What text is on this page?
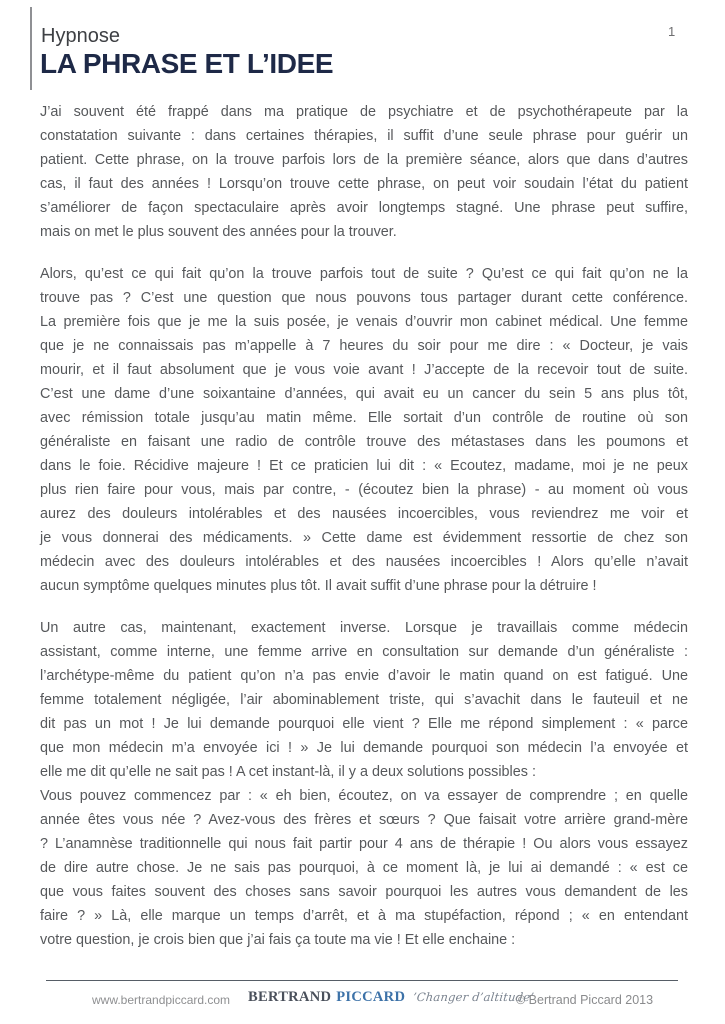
Hypnose
LA PHRASE ET L’IDEE
1
J’ai souvent été frappé dans ma pratique de psychiatre et de psychothérapeute par la
constatation suivante : dans certaines thérapies, il suffit d’une seule phrase pour guérir un
patient. Cette phrase, on la trouve parfois lors de la première séance, alors que dans d’autres
cas, il faut des années ! Lorsqu’on trouve cette phrase, on peut voir soudain l’état du patient
s’améliorer de façon spectaculaire après avoir longtemps stagné. Une phrase peut suffire,
mais on met le plus souvent des années pour la trouver.
Alors, qu’est ce qui fait qu’on la trouve parfois tout de suite ? Qu’est ce qui fait qu’on ne la
trouve pas ? C’est une question que nous pouvons tous partager durant cette conférence.
La première fois que je me la suis posée, je venais d’ouvrir mon cabinet médical. Une femme
que je ne connaissais pas m’appelle à 7 heures du soir pour me dire : « Docteur, je vais
mourir, et il faut absolument que je vous voie avant ! J’accepte de la recevoir tout de suite.
C’est une dame d’une soixantaine d’années, qui avait eu un cancer du sein 5 ans plus tôt,
avec rémission totale jusqu’au matin même. Elle sortait d’un contrôle de routine où son
généraliste en faisant une radio de contrôle trouve des métastases dans les poumons et
dans le foie. Récidive majeure ! Et ce praticien lui dit : « Ecoutez, madame, moi je ne peux
plus rien faire pour vous, mais par contre, - (écoutez bien la phrase) - au moment où vous
aurez des douleurs intolérables et des nausées incoercibles, vous reviendrez me voir et
je vous donnerai des médicaments. » Cette dame est évidemment ressortie de chez son
médecin avec des douleurs intolérables et des nausées incoercibles ! Alors qu’elle n’avait
aucun symptôme quelques minutes plus tôt. Il avait suffit d’une phrase pour la détruire !
Un autre cas, maintenant, exactement inverse. Lorsque je travaillais comme médecin
assistant, comme interne, une femme arrive en consultation sur demande d’un généraliste :
l’archétype-même du patient qu’on n’a pas envie d’avoir le matin quand on est fatigué. Une
femme totalement négligée, l’air abominablement triste, qui s’avachit dans le fauteuil et ne
dit pas un mot ! Je lui demande pourquoi elle vient ? Elle me répond simplement : « parce
que mon médecin m’a envoyée ici ! » Je lui demande pourquoi son médecin l’a envoyée et
elle me dit qu’elle ne sait pas ! A cet instant-là, il y a deux solutions possibles :
Vous pouvez commencez par : « eh bien, écoutez, on va essayer de comprendre ; en quelle
année êtes vous née ? Avez-vous des frères et sœurs ? Que faisait votre arrière grand-mère
? L’anamnèse traditionnelle qui nous fait partir pour 4 ans de thérapie ! Ou alors vous essayez
de dire autre chose. Je ne sais pas pourquoi, à ce moment là, je lui ai demandé : « est ce
que vous faites souvent des choses sans savoir pourquoi les autres vous demandent de les
faire ? » Là, elle marque un temps d’arrêt, et à ma stupéfaction, répond ; « en entendant
votre question, je crois bien que j’ai fais ça toute ma vie ! Et elle enchaine :
www.bertrandpiccard.com BERTRAND PICCARD ’Changer d’altitude’
© Bertrand Piccard 2013
